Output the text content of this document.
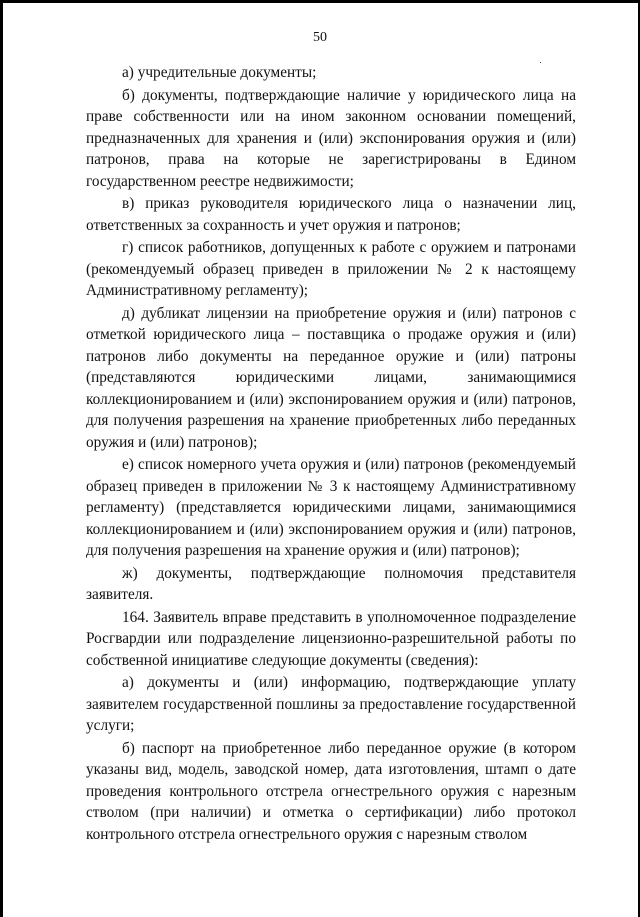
50

а) учредительные документы;

б) документы, подтверждающие наличие у юридического лица на праве собственности или на ином законном основании помещений, предназначенных для хранения и (или) экспонирования оружия и (или) патронов, права на которые не зарегистрированы в Едином государственном реестре недвижимости;

в) приказ руководителя юридического лица о назначении лиц, ответственных за сохранность и учет оружия и патронов;

г) список работников, допущенных к работе с оружием и патронами (рекомендуемый образец приведен в приложении № 2 к настоящему Административному регламенту);

д) дубликат лицензии на приобретение оружия и (или) патронов с отметкой юридического лица – поставщика о продаже оружия и (или) патронов либо документы на переданное оружие и (или) патроны (представляются юридическими лицами, занимающимися коллекционированием и (или) экспонированием оружия и (или) патронов, для получения разрешения на хранение приобретенных либо переданных оружия и (или) патронов);

е) список номерного учета оружия и (или) патронов (рекомендуемый образец приведен в приложении № 3 к настоящему Административному регламенту) (представляется юридическими лицами, занимающимися коллекционированием и (или) экспонированием оружия и (или) патронов, для получения разрешения на хранение оружия и (или) патронов);

ж) документы, подтверждающие полномочия представителя заявителя.

164. Заявитель вправе представить в уполномоченное подразделение Росгвардии или подразделение лицензионно-разрешительной работы по собственной инициативе следующие документы (сведения):

а) документы и (или) информацию, подтверждающие уплату заявителем государственной пошлины за предоставление государственной услуги;

б) паспорт на приобретенное либо переданное оружие (в котором указаны вид, модель, заводской номер, дата изготовления, штамп о дате проведения контрольного отстрела огнестрельного оружия с нарезным стволом (при наличии) и отметка о сертификации) либо протокол контрольного отстрела огнестрельного оружия с нарезным стволом
